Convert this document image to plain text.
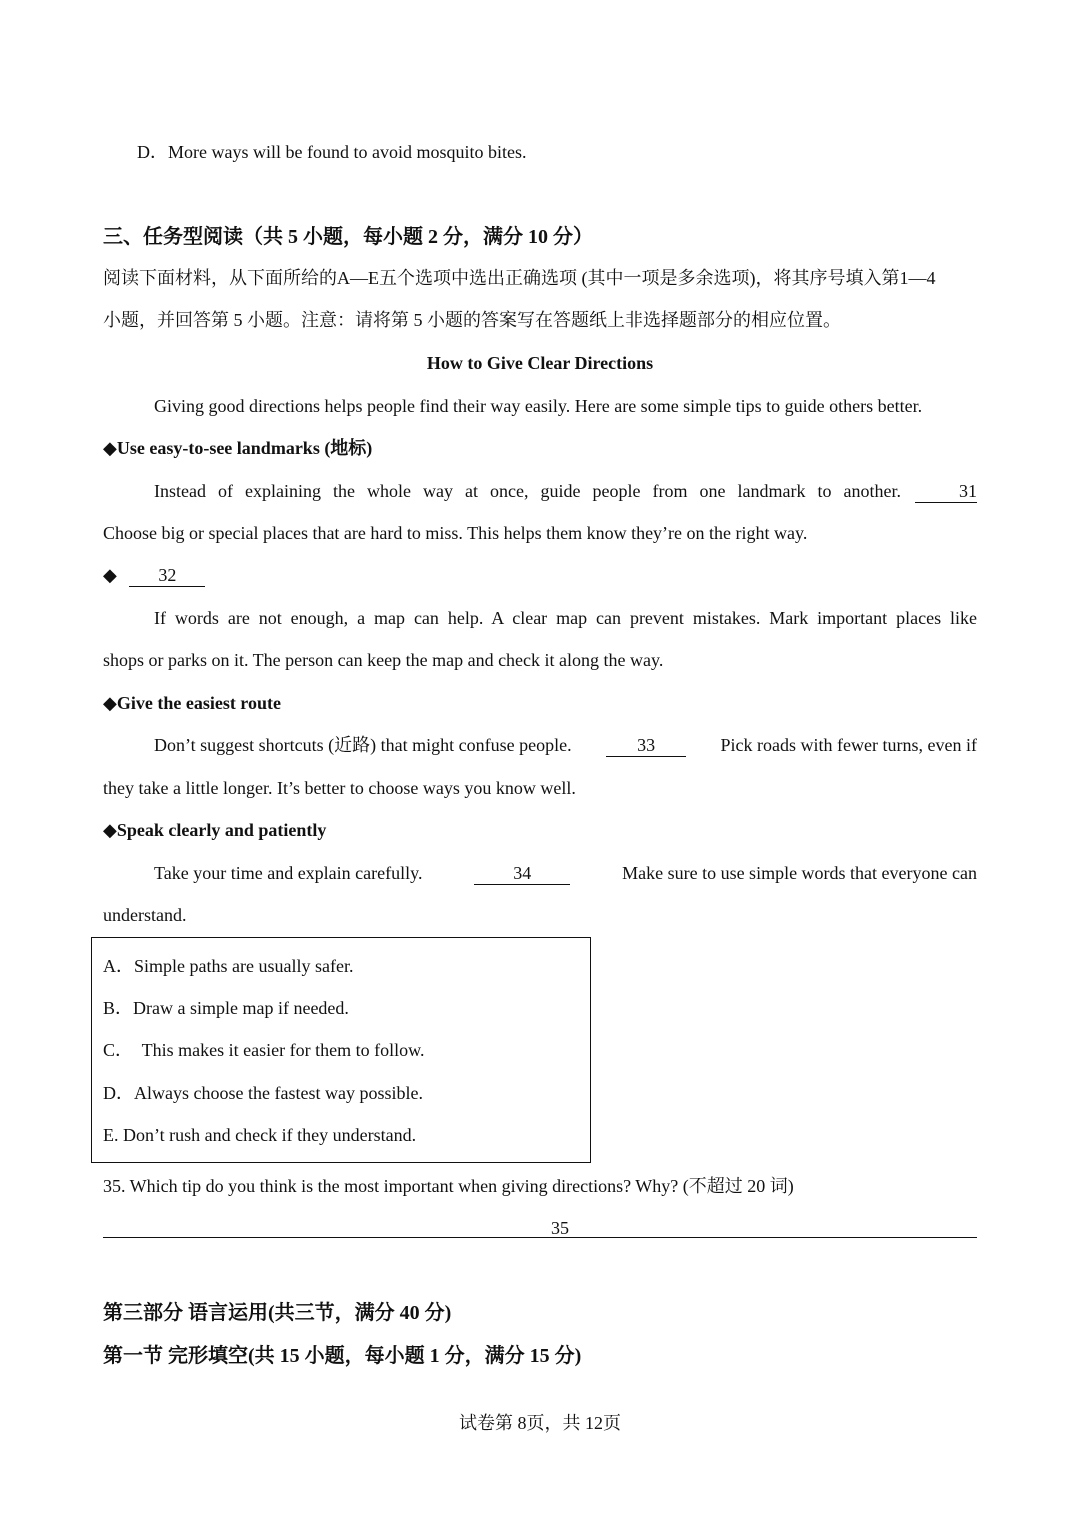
D．More ways will be found to avoid mosquito bites.
三、任务型阅读（共 5 小题，每小题 2 分，满分 10 分）
阅读下面材料，从下面所给的A—E五个选项中选出正确选项 (其中一项是多余选项)，将其序号填入第1—4
小题，并回答第 5 小题。注意：请将第 5 小题的答案写在答题纸上非选择题部分的相应位置。
How to Give Clear Directions
Giving good directions helps people find their way easily. Here are some simple tips to guide others better.
◆Use easy-to-see landmarks (地标)
Instead of explaining the whole way at once, guide people from one landmark to another.	31
Choose big or special places that are hard to miss. This helps them know they’re on the right way.
◆ 32
If words are not enough, a map can help. A clear map can prevent mistakes. Mark important places like
shops or parks on it. The person can keep the map and check it along the way.
◆Give the easiest route
Don’t suggest shortcuts (近路) that might confuse people.	33	Pick roads with fewer turns, even if
they take a little longer. It’s better to choose ways you know well.
◆Speak clearly and patiently
Take your time and explain carefully.	34	Make sure to use simple words that everyone can
understand.
A．Simple paths are usually safer.
B．Draw a simple map if needed.
C．  This makes it easier for them to follow.
D．Always choose the fastest way possible.
E. Don’t rush and check if they understand.
35. Which tip do you think is the most important when giving directions? Why? (不超过 20 词)
35
第三部分 语言运用(共三节，满分 40 分)
第一节 完形填空(共 15 小题，每小题 1 分，满分 15 分)
试卷第 8页，共 12页
